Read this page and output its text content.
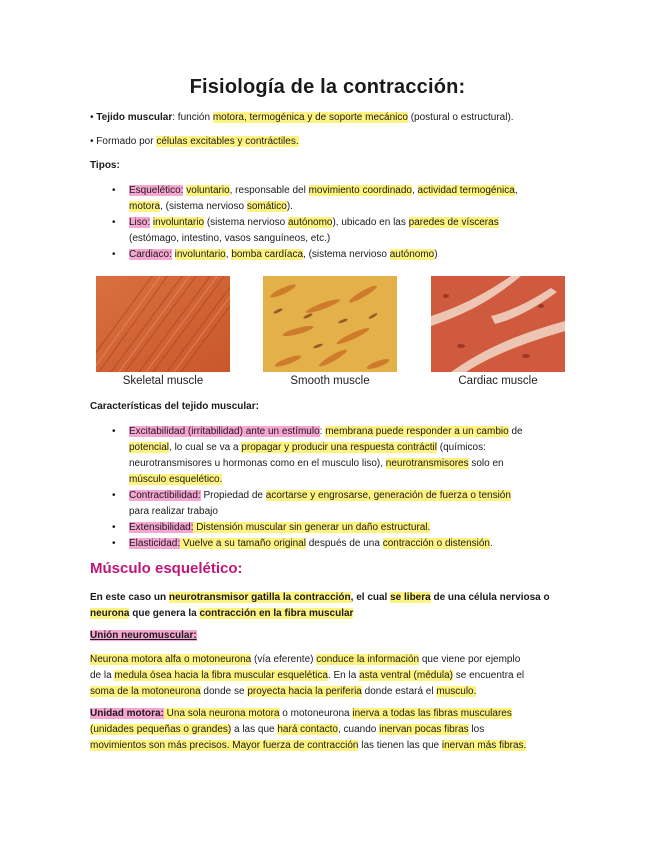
Fisiología de la contracción:
• Tejido muscular: función motora, termogénica y de soporte mecánico (postural o estructural).
• Formado por células excitables y contráctiles.
Tipos:
• Esquelético: voluntario, responsable del movimiento coordinado, actividad termogénica,
motora, (sistema nervioso somático).
• Liso: involuntario (sistema nervioso autónomo), ubicado en las paredes de vísceras
(estómago, intestino, vasos sanguíneos, etc.)
• Cardiaco: involuntario, bomba cardíaca, (sistema nervioso autónomo)
Skeletal muscle	Smooth muscle	Cardiac muscle
Características del tejido muscular:
• Excitabilidad (irritabilidad) ante un estímulo: membrana puede responder a un cambio de
potencial, lo cual se va a propagar y producir una respuesta contráctil (químicos:
neurotransmisores u hormonas como en el musculo liso), neurotransmisores solo en
músculo esquelético.
• Contractibilidad: Propiedad de acortarse y engrosarse, generación de fuerza o tensión
para realizar trabajo
• Extensibilidad: Distensión muscular sin generar un daño estructural.
• Elasticidad: Vuelve a su tamaño original después de una contracción o distensión.
Músculo esquelético:
En este caso un neurotransmisor gatilla la contracción, el cual se libera de una célula nerviosa o
neurona que genera la contracción en la fibra muscular
Unión neuromuscular:
Neurona motora alfa o motoneurona (vía eferente) conduce la información que viene por ejemplo
de la medula ósea hacia la fibra muscular esquelética. En la asta ventral (médula) se encuentra el
soma de la motoneurona donde se proyecta hacia la periferia donde estará el musculo.
Unidad motora: Una sola neurona motora o motoneurona inerva a todas las fibras musculares
(unidades pequeñas o grandes) a las que hará contacto, cuando inervan pocas fibras los
movimientos son más precisos. Mayor fuerza de contracción las tienen las que inervan más fibras.
